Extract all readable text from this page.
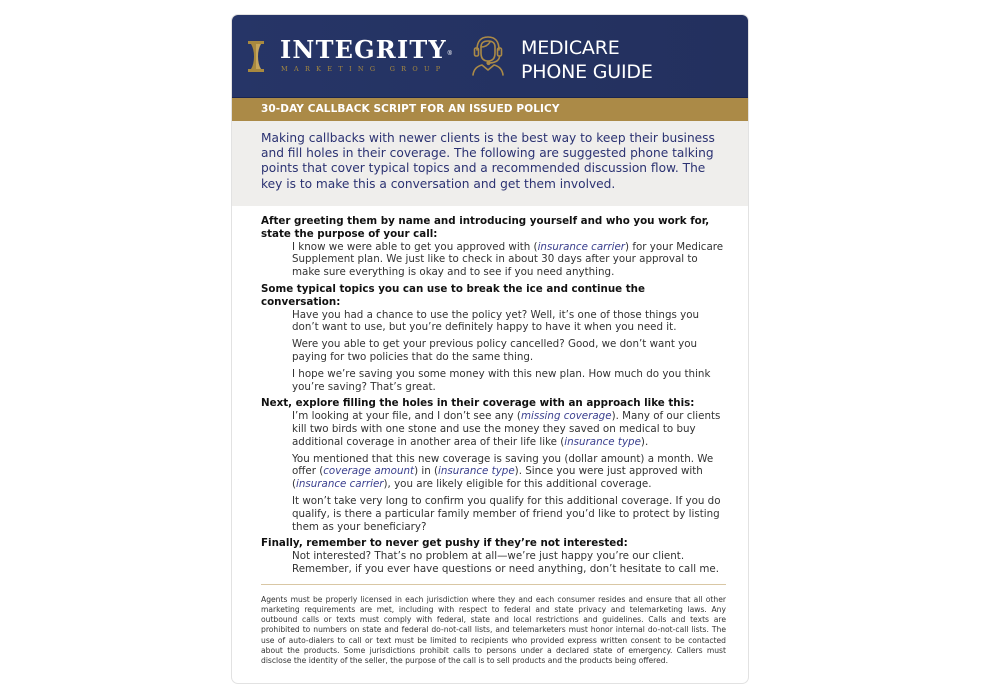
INTEGRITY®
MARKETING GROUP
MEDICARE
PHONE GUIDE
30-DAY CALLBACK SCRIPT FOR AN ISSUED POLICY
Making callbacks with newer clients is the best way to keep their business and fill holes in their coverage. The following are suggested phone talking points that cover typical topics and a recommended discussion flow. The key is to make this a conversation and get them involved.
After greeting them by name and introducing yourself and who you work for, state the purpose of your call:
I know we were able to get you approved with (insurance carrier) for your Medicare Supplement plan. We just like to check in about 30 days after your approval to make sure everything is okay and to see if you need anything.
Some typical topics you can use to break the ice and continue the conversation:
Have you had a chance to use the policy yet? Well, it’s one of those things you don’t want to use, but you’re definitely happy to have it when you need it.
Were you able to get your previous policy cancelled? Good, we don’t want you paying for two policies that do the same thing.
I hope we’re saving you some money with this new plan. How much do you think you’re saving? That’s great.
Next, explore filling the holes in their coverage with an approach like this:
I’m looking at your file, and I don’t see any (missing coverage). Many of our clients kill two birds with one stone and use the money they saved on medical to buy additional coverage in another area of their life like (insurance type).
You mentioned that this new coverage is saving you (dollar amount) a month. We offer (coverage amount) in (insurance type). Since you were just approved with (insurance carrier), you are likely eligible for this additional coverage.
It won’t take very long to confirm you qualify for this additional coverage. If you do qualify, is there a particular family member of friend you’d like to protect by listing them as your beneficiary?
Finally, remember to never get pushy if they’re not interested:
Not interested? That’s no problem at all—we’re just happy you’re our client. Remember, if you ever have questions or need anything, don’t hesitate to call me.
Agents must be properly licensed in each jurisdiction where they and each consumer resides and ensure that all other marketing requirements are met, including with respect to federal and state privacy and telemarketing laws. Any outbound calls or texts must comply with federal, state and local restrictions and guidelines. Calls and texts are prohibited to numbers on state and federal do-not-call lists, and telemarketers must honor internal do-not-call lists. The use of auto-dialers to call or text must be limited to recipients who provided express written consent to be contacted about the products. Some jurisdictions prohibit calls to persons under a declared state of emergency. Callers must disclose the identity of the seller, the purpose of the call is to sell products and the products being offered.
